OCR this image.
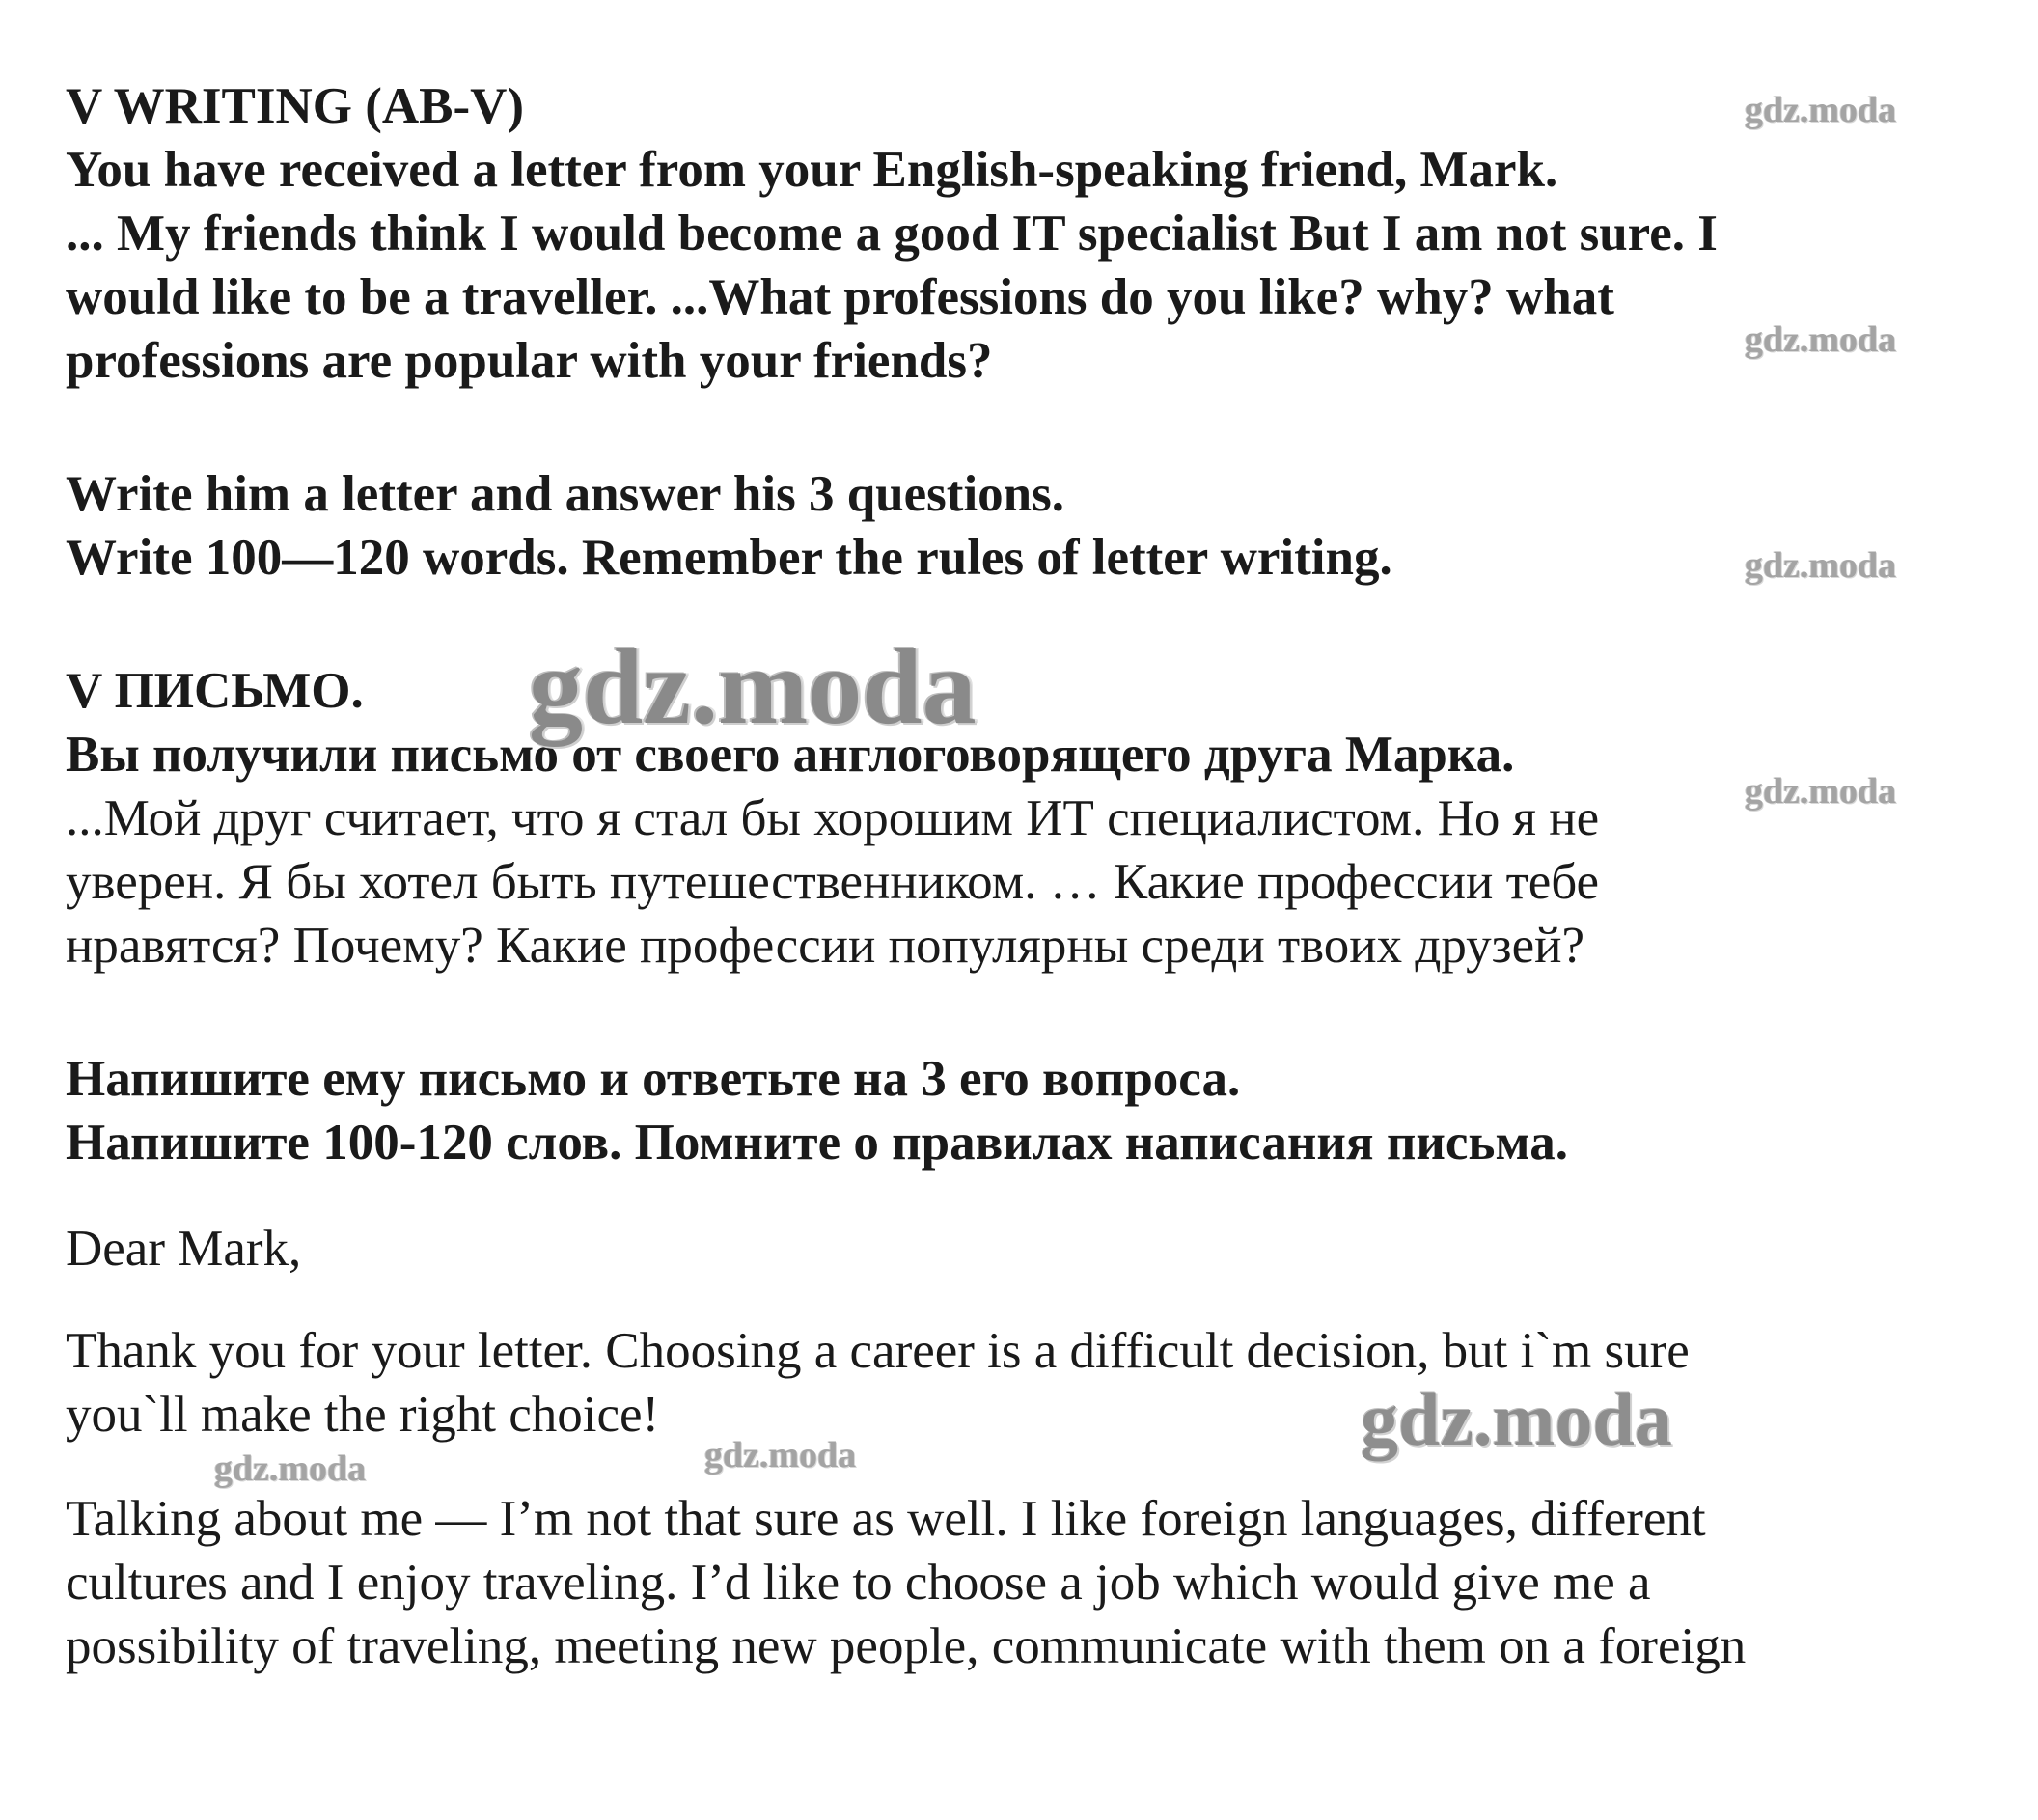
V WRITING (AB-V)

You have received a letter from your English-speaking friend, Mark.

... My friends think I would become a good IT specialist But I am not sure. I

would like to be a traveller. ...What professions do you like? why? what

professions are popular with your friends?

Write him a letter and answer his 3 questions.

Write 100—120 words. Remember the rules of letter writing.

V ПИСЬМО.

Вы получили письмо от своего англоговорящего друга Марка.

...Мой друг считает, что я стал бы хорошим ИТ специалистом. Но я не

уверен. Я бы хотел быть путешественником. … Какие профессии тебе

нравятся? Почему? Какие профессии популярны среди твоих друзей?

Напишите ему письмо и ответьте на 3 его вопроса.

Напишите 100-120 слов. Помните о правилах написания письма.

Dear Mark,

Thank you for your letter. Choosing a career is a difficult decision, but i`m sure

you`ll make the right choice!

Talking about me — I’m not that sure as well. I like foreign languages, different

cultures and I enjoy traveling. I’d like to choose a job which would give me a

possibility of traveling, meeting new people, communicate with them on a foreign

gdz.moda
gdz.moda
gdz.moda
gdz.moda
gdz.moda
gdz.moda
gdz.moda	gdz.moda
